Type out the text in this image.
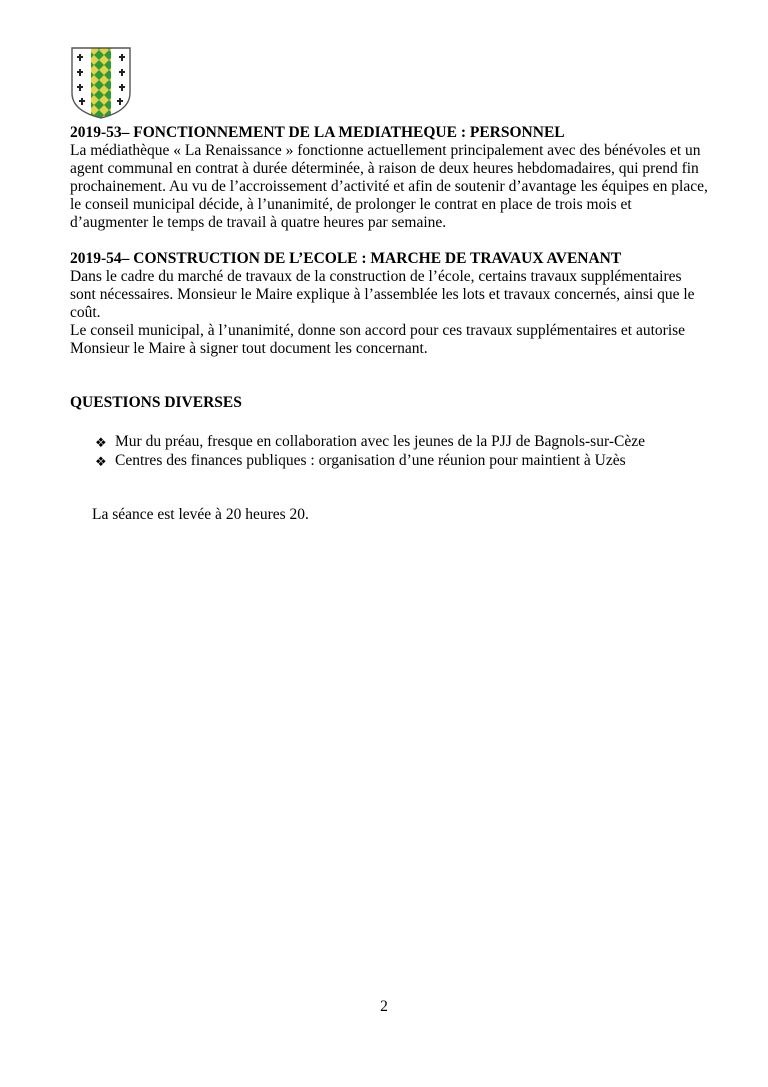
2019-53– FONCTIONNEMENT DE LA MEDIATHEQUE : PERSONNEL

La médiathèque « La Renaissance » fonctionne actuellement principalement avec des bénévoles et un agent communal en contrat à durée déterminée, à raison de deux heures hebdomadaires, qui prend fin prochainement. Au vu de l’accroissement d’activité et afin de soutenir d’avantage les équipes en place, le conseil municipal décide, à l’unanimité, de prolonger le contrat en place de trois mois et d’augmenter le temps de travail à quatre heures par semaine.

2019-54– CONSTRUCTION DE L’ECOLE : MARCHE DE TRAVAUX AVENANT

Dans le cadre du marché de travaux de la construction de l’école, certains travaux supplémentaires sont nécessaires. Monsieur le Maire explique à l’assemblée les lots et travaux concernés, ainsi que le coût.

Le conseil municipal, à l’unanimité, donne son accord pour ces travaux supplémentaires et autorise Monsieur le Maire à signer tout document les concernant.

QUESTIONS DIVERSES

❖ Mur du préau, fresque en collaboration avec les jeunes de la PJJ de Bagnols-sur-Cèze
❖ Centres des finances publiques : organisation d’une réunion pour maintient à Uzès

La séance est levée à 20 heures 20.

2
